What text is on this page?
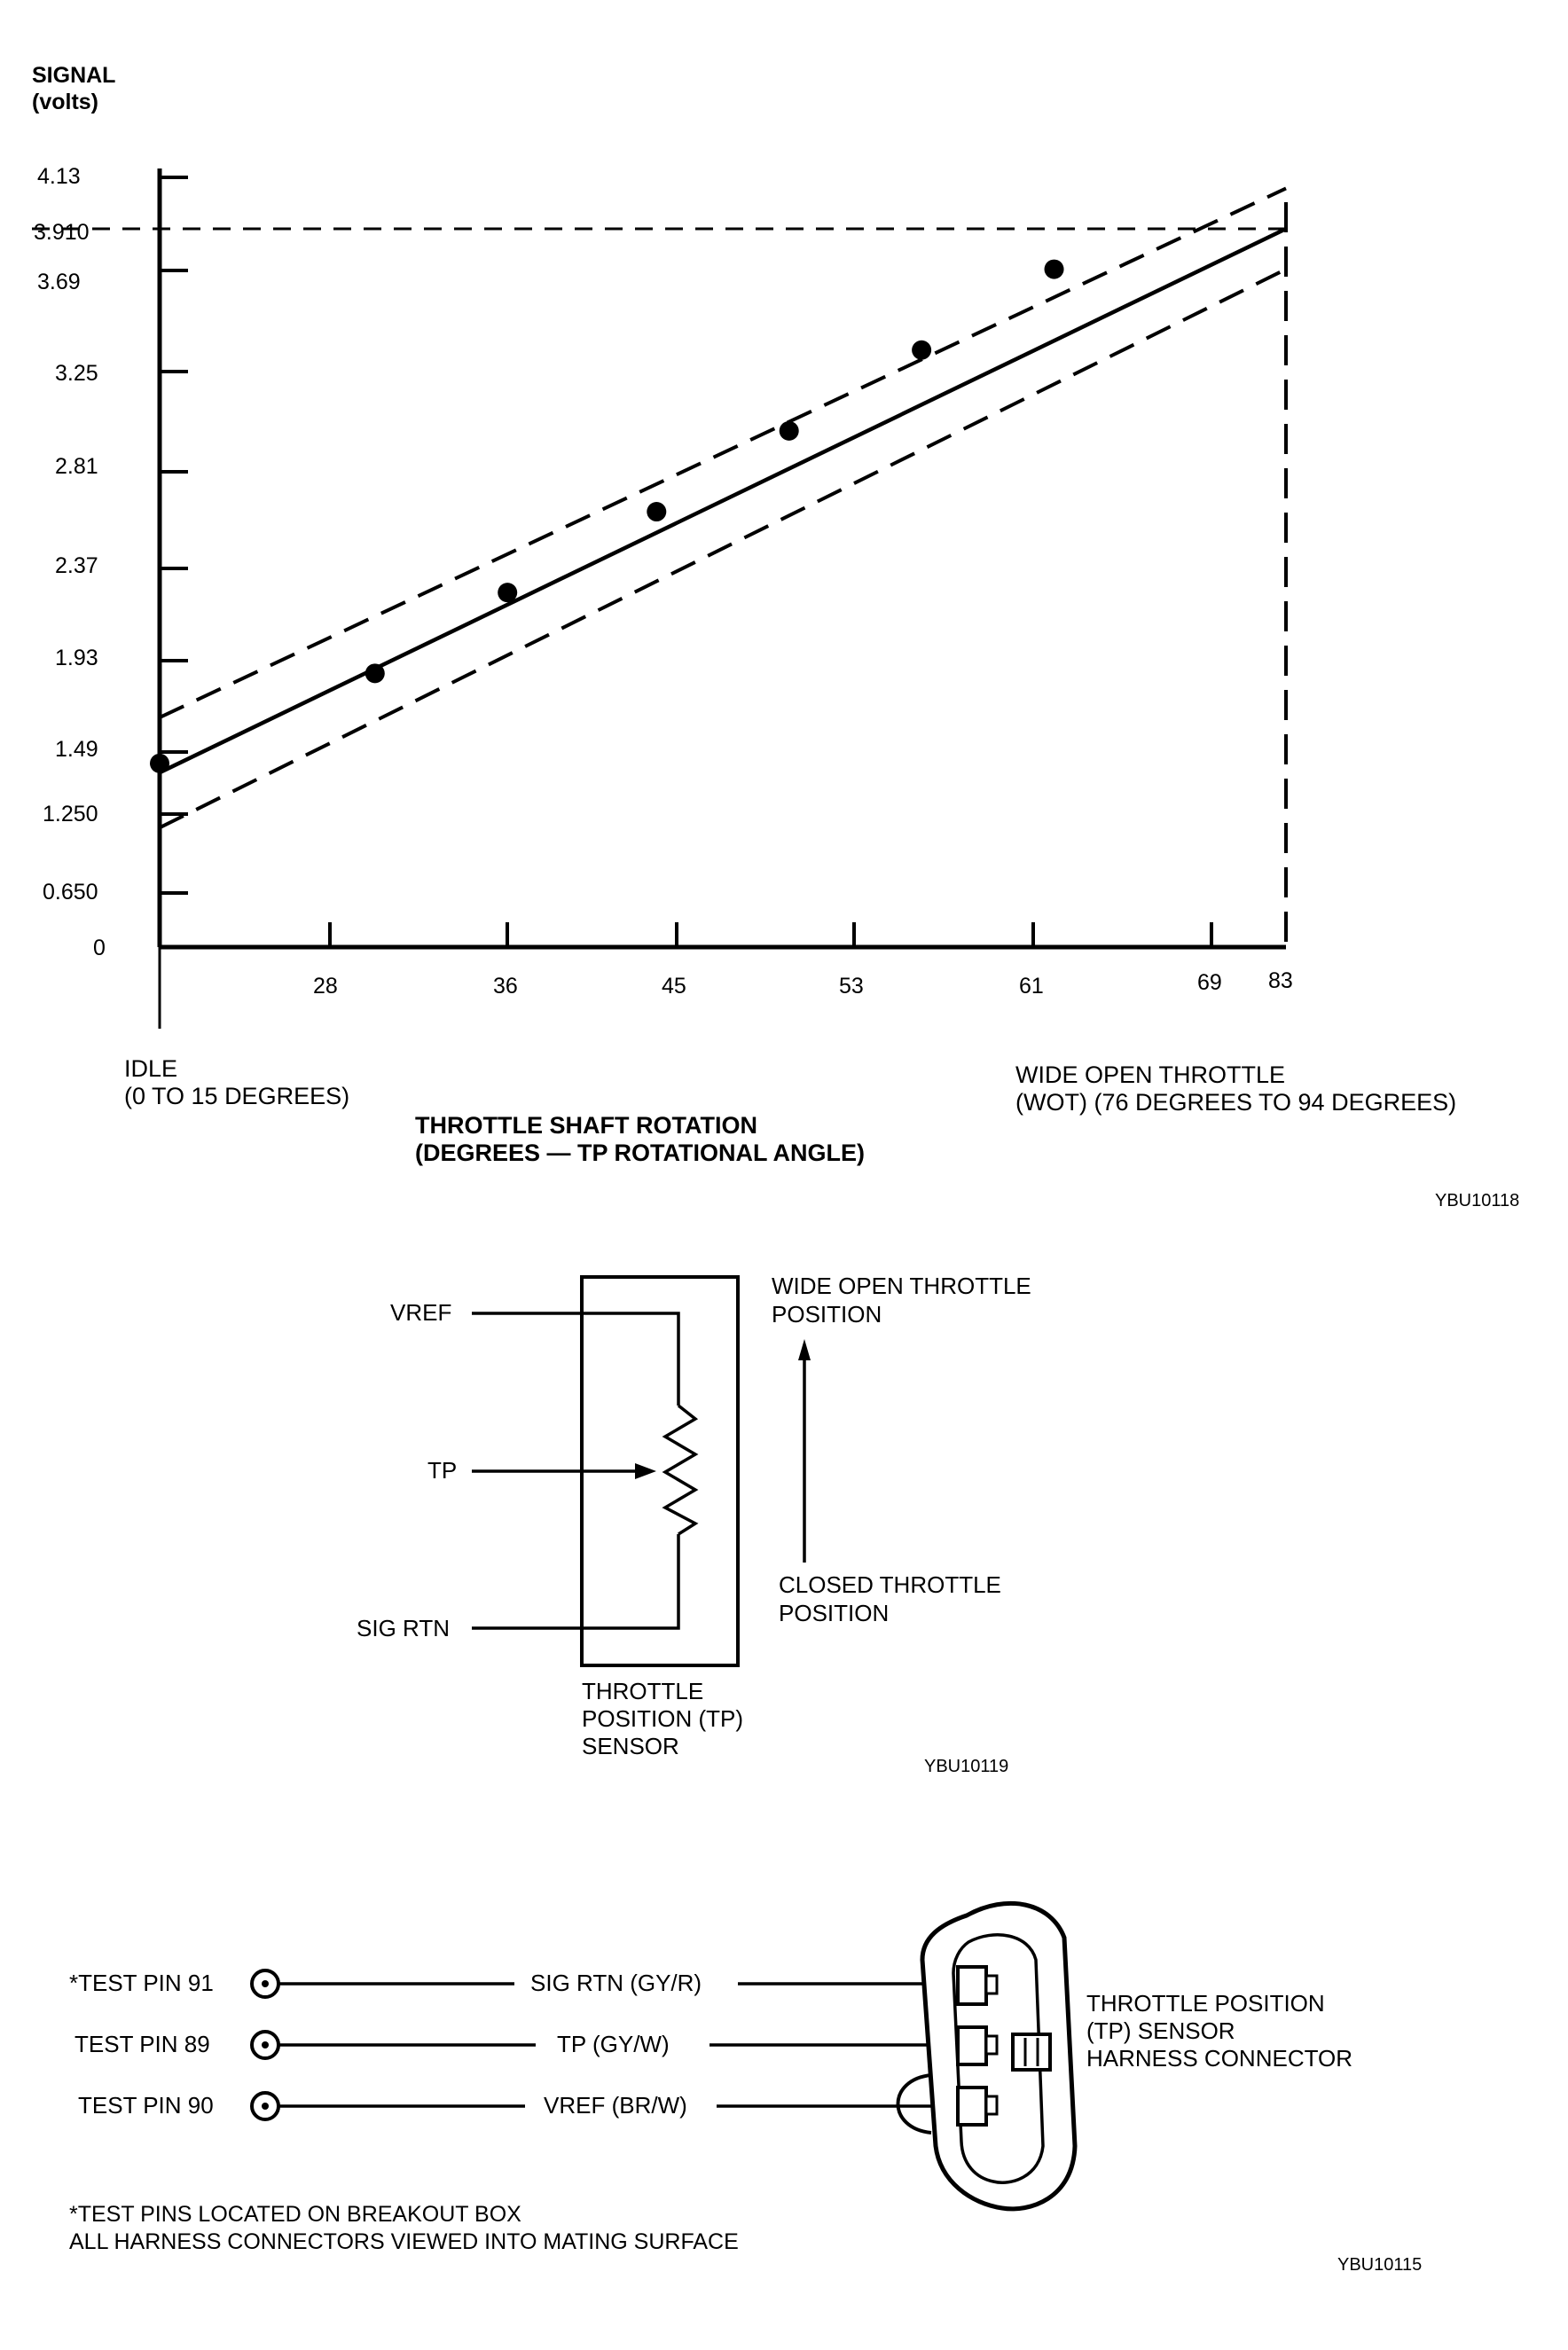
SIGNAL
(volts)
4.13
3.910
3.69
3.25
2.81
2.37
1.93
1.49
1.250
0.650
0
28	36	45	53	61	69 83
IDLE
(0 TO 15 DEGREES)
THROTTLE SHAFT ROTATION
(DEGREES — TP ROTATIONAL ANGLE)
WIDE OPEN THROTTLE
(WOT) (76 DEGREES TO 94 DEGREES)
YBU10118
VREF
TP
SIG RTN
THROTTLE
POSITION (TP)
SENSOR
WIDE OPEN THROTTLE
POSITION
CLOSED THROTTLE
POSITION
YBU10119
*TEST PIN 91	SIG RTN (GY/R)
TEST PIN 89	TP (GY/W)
TEST PIN 90	VREF (BR/W)
THROTTLE POSITION
(TP) SENSOR
HARNESS CONNECTOR
*TEST PINS LOCATED ON BREAKOUT BOX
ALL HARNESS CONNECTORS VIEWED INTO MATING SURFACE
YBU10115
